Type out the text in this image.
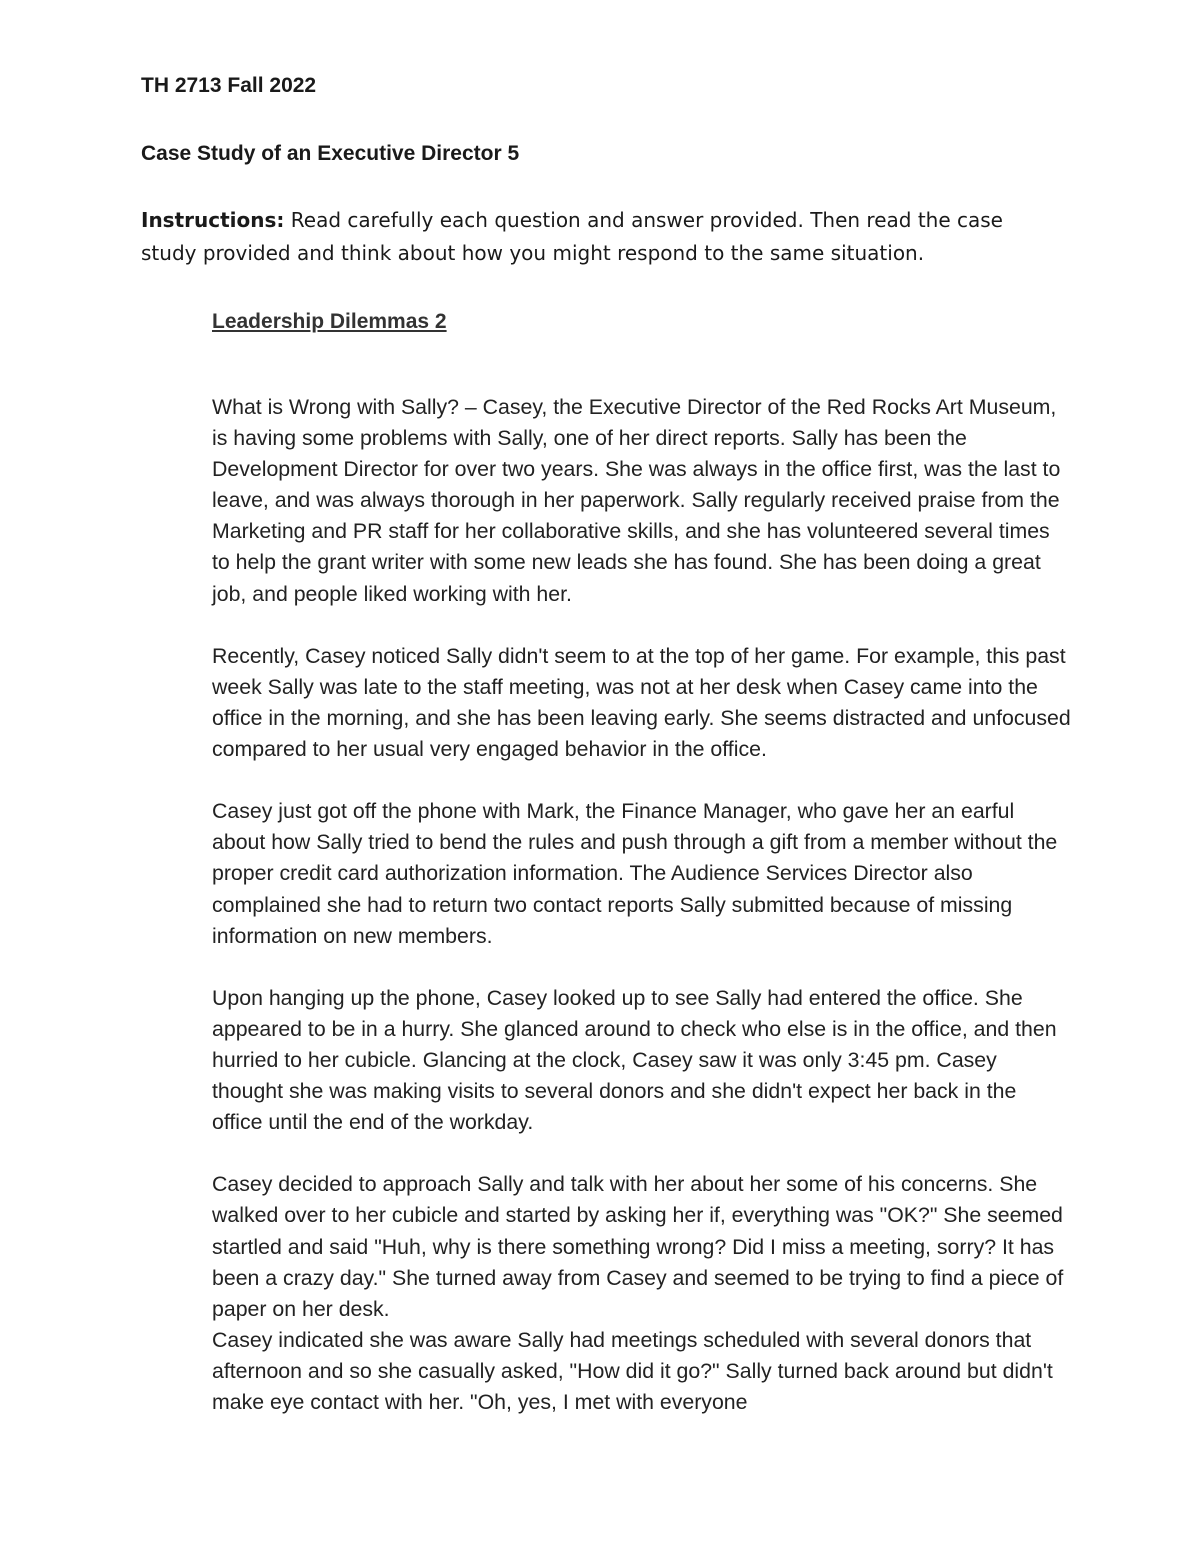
TH 2713 Fall 2022
Case Study of an Executive Director 5

Instructions: Read carefully each question and answer provided. Then read the case study provided and think about how you might respond to the same situation.

Leadership Dilemmas 2

What is Wrong with Sally? – Casey, the Executive Director of the Red Rocks Art Museum, is having some problems with Sally, one of her direct reports. Sally has been the Development Director for over two years. She was always in the office first, was the last to leave, and was always thorough in her paperwork. Sally regularly received praise from the Marketing and PR staff for her collaborative skills, and she has volunteered several times to help the grant writer with some new leads she has found. She has been doing a great job, and people liked working with her.

Recently, Casey noticed Sally didn't seem to at the top of her game. For example, this past week Sally was late to the staff meeting, was not at her desk when Casey came into the office in the morning, and she has been leaving early. She seems distracted and unfocused compared to her usual very engaged behavior in the office.

Casey just got off the phone with Mark, the Finance Manager, who gave her an earful about how Sally tried to bend the rules and push through a gift from a member without the proper credit card authorization information. The Audience Services Director also complained she had to return two contact reports Sally submitted because of missing information on new members.

Upon hanging up the phone, Casey looked up to see Sally had entered the office. She appeared to be in a hurry. She glanced around to check who else is in the office, and then hurried to her cubicle. Glancing at the clock, Casey saw it was only 3:45 pm. Casey thought she was making visits to several donors and she didn't expect her back in the office until the end of the workday.

Casey decided to approach Sally and talk with her about her some of his concerns. She walked over to her cubicle and started by asking her if, everything was "OK?" She seemed startled and said "Huh, why is there something wrong? Did I miss a meeting, sorry? It has been a crazy day." She turned away from Casey and seemed to be trying to find a piece of paper on her desk.

Casey indicated she was aware Sally had meetings scheduled with several donors that afternoon and so she casually asked, "How did it go?" Sally turned back around but didn't make eye contact with her. "Oh, yes, I met with everyone
